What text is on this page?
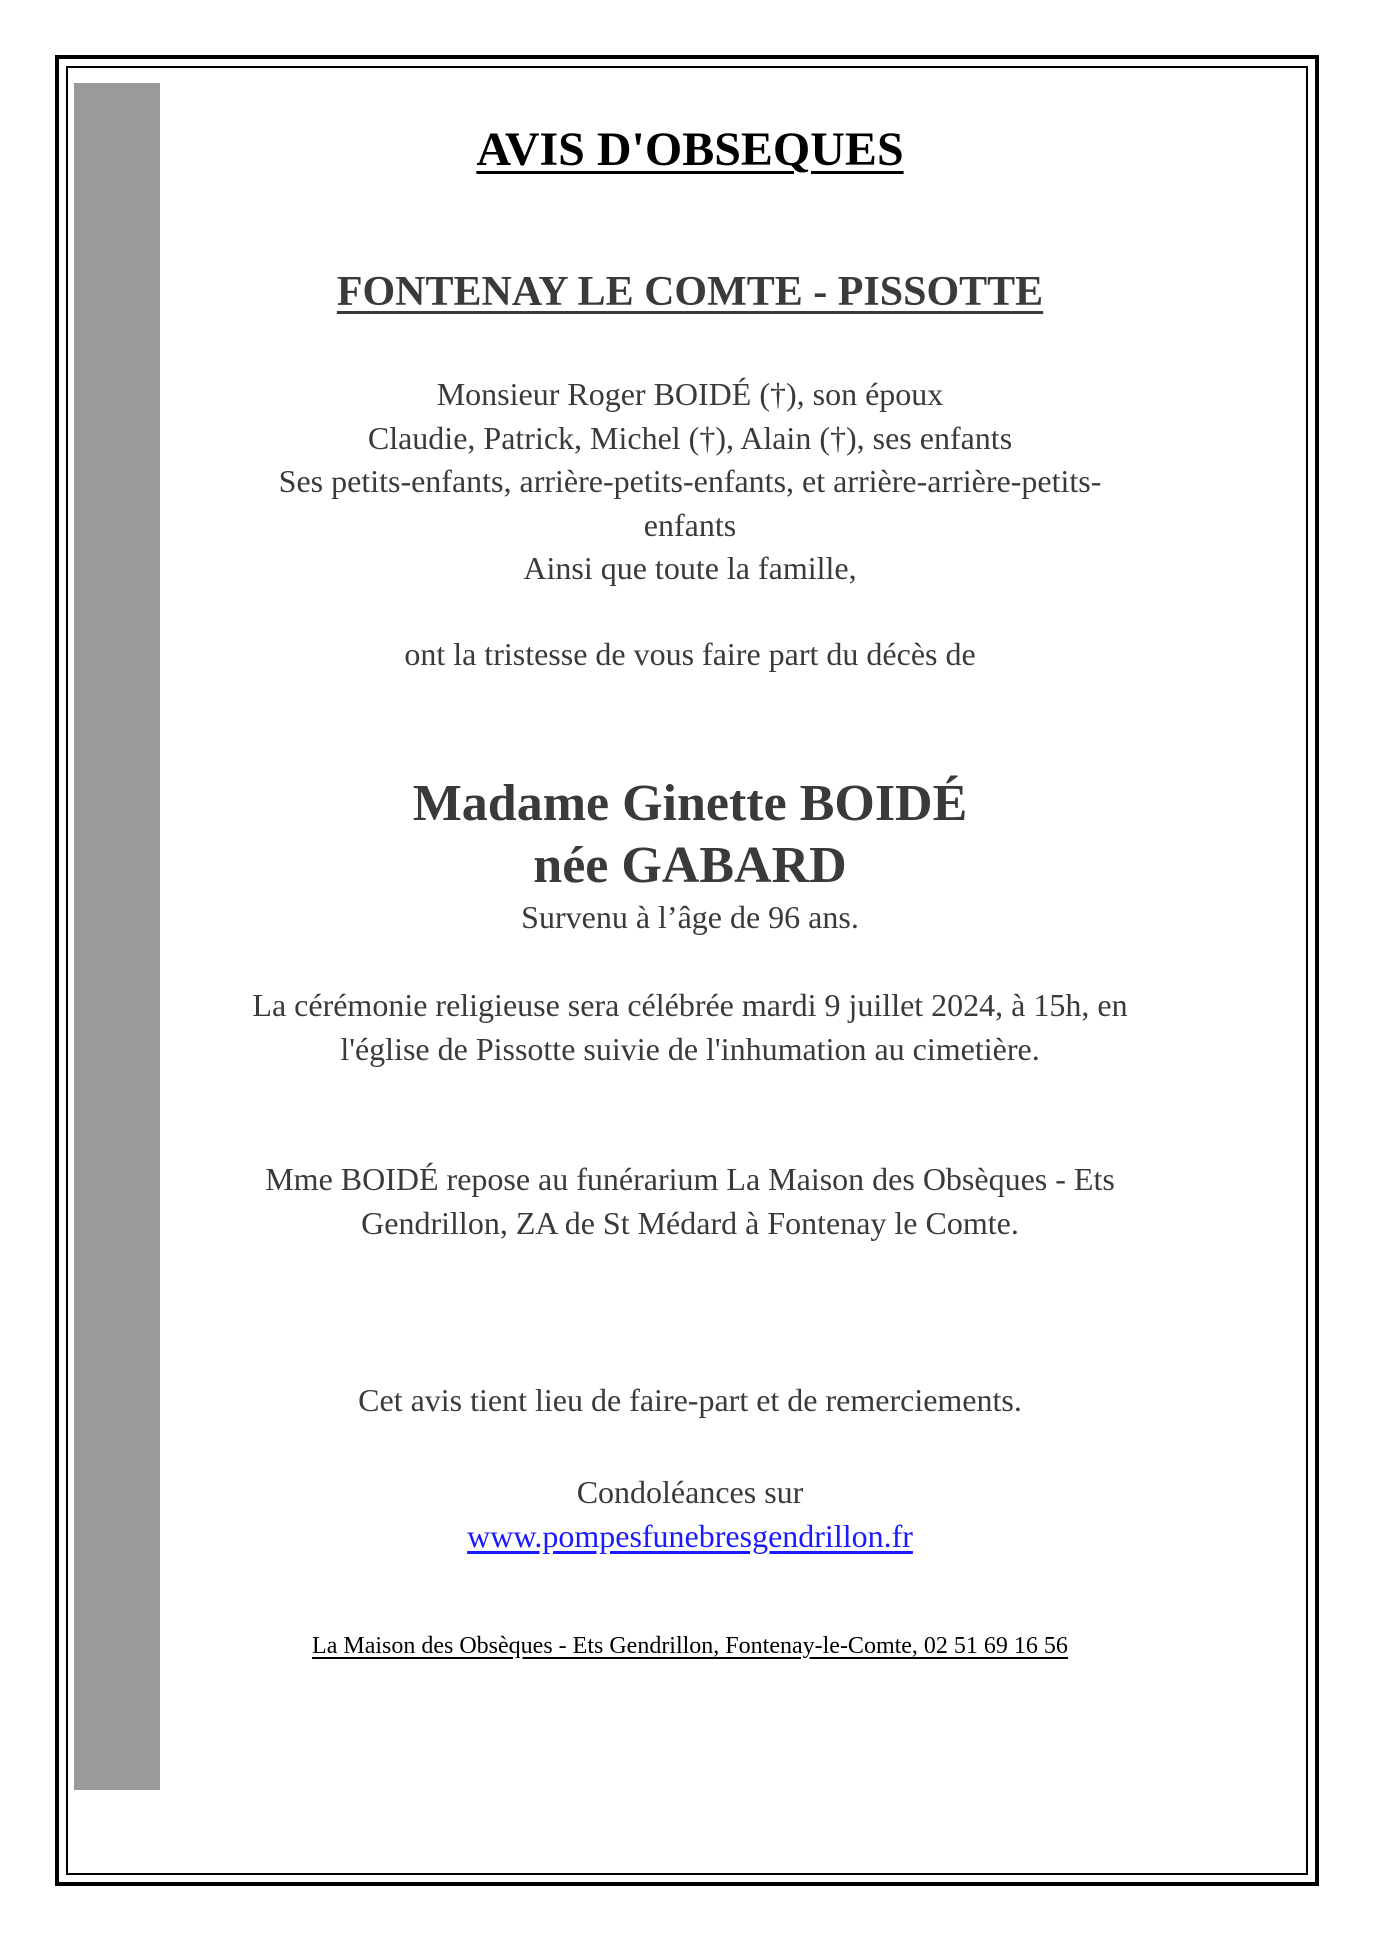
AVIS D'OBSEQUES
FONTENAY LE COMTE - PISSOTTE
Monsieur Roger BOIDÉ (†), son époux
Claudie, Patrick, Michel (†), Alain (†), ses enfants
Ses petits-enfants, arrière-petits-enfants, et arrière-arrière-petits-
enfants
Ainsi que toute la famille,
ont la tristesse de vous faire part du décès de
Madame Ginette BOIDÉ
née GABARD
Survenu à l’âge de 96 ans.
La cérémonie religieuse sera célébrée mardi 9 juillet 2024, à 15h, en
l'église de Pissotte suivie de l'inhumation au cimetière.
Mme BOIDÉ repose au funérarium La Maison des Obsèques - Ets
Gendrillon, ZA de St Médard à Fontenay le Comte.
Cet avis tient lieu de faire-part et de remerciements.
Condoléances sur
www.pompesfunebresgendrillon.fr
La Maison des Obsèques - Ets Gendrillon, Fontenay-le-Comte, 02 51 69 16 56
